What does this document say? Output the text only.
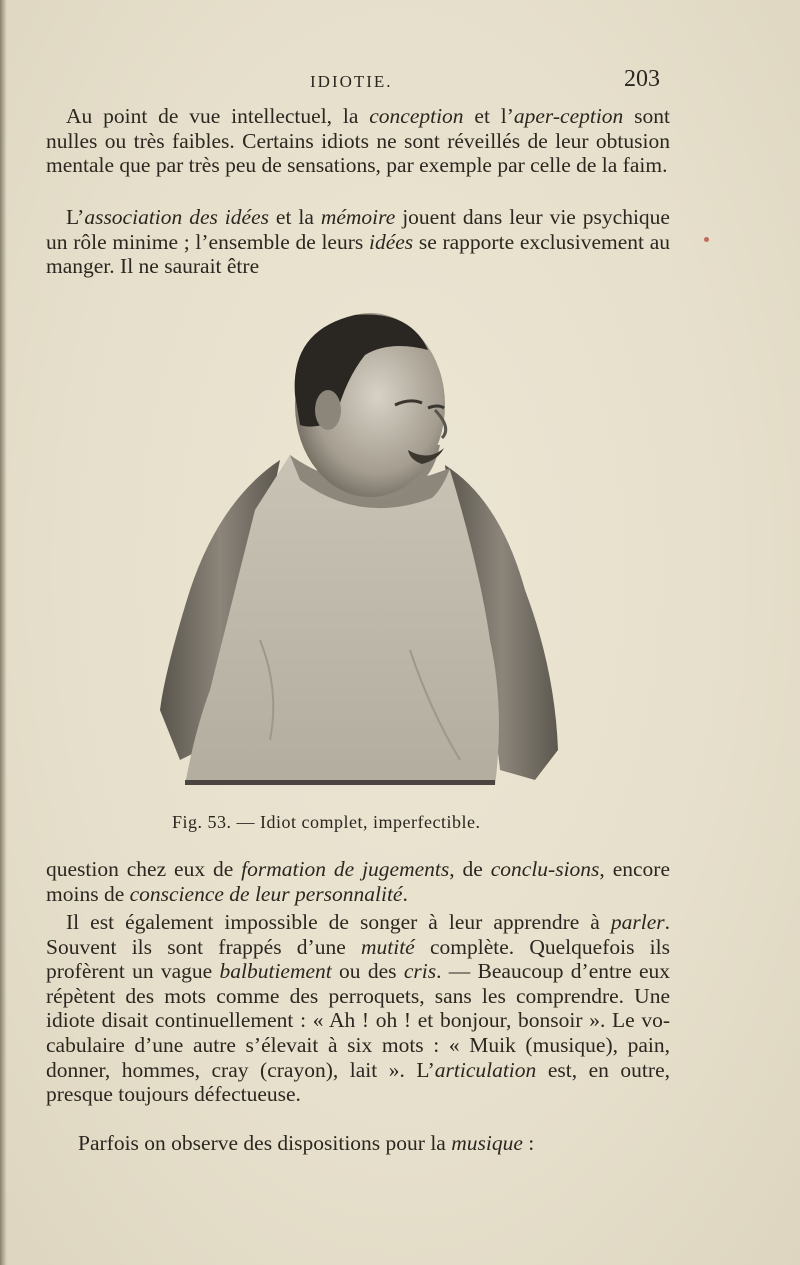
IDIOTIE.	203

Au point de vue intellectuel, la conception et l’aper-ception sont nulles ou très faibles. Certains idiots ne sont réveillés de leur obtusion mentale que par très peu de sensations, par exemple par celle de la faim.

L’association des idées et la mémoire jouent dans leur vie psychique un rôle minime ; l’ensemble de leurs idées se rapporte exclusivement au manger. Il ne saurait être

Fig. 53. — Idiot complet, imperfectible.

question chez eux de formation de jugements, de conclu-sions, encore moins de conscience de leur personnalité.

Il est également impossible de songer à leur apprendre à parler. Souvent ils sont frappés d’une mutité complète. Quelquefois ils profèrent un vague balbutiement ou des cris. — Beaucoup d’entre eux répètent des mots comme des perroquets, sans les comprendre. Une idiote disait continuellement : « Ah ! oh ! et bonjour, bonsoir ». Le vo-cabulaire d’une autre s’élevait à six mots : « Muik (musique), pain, donner, hommes, cray (crayon), lait ». L’articulation est, en outre, presque toujours défectueuse.

Parfois on observe des dispositions pour la musique :
